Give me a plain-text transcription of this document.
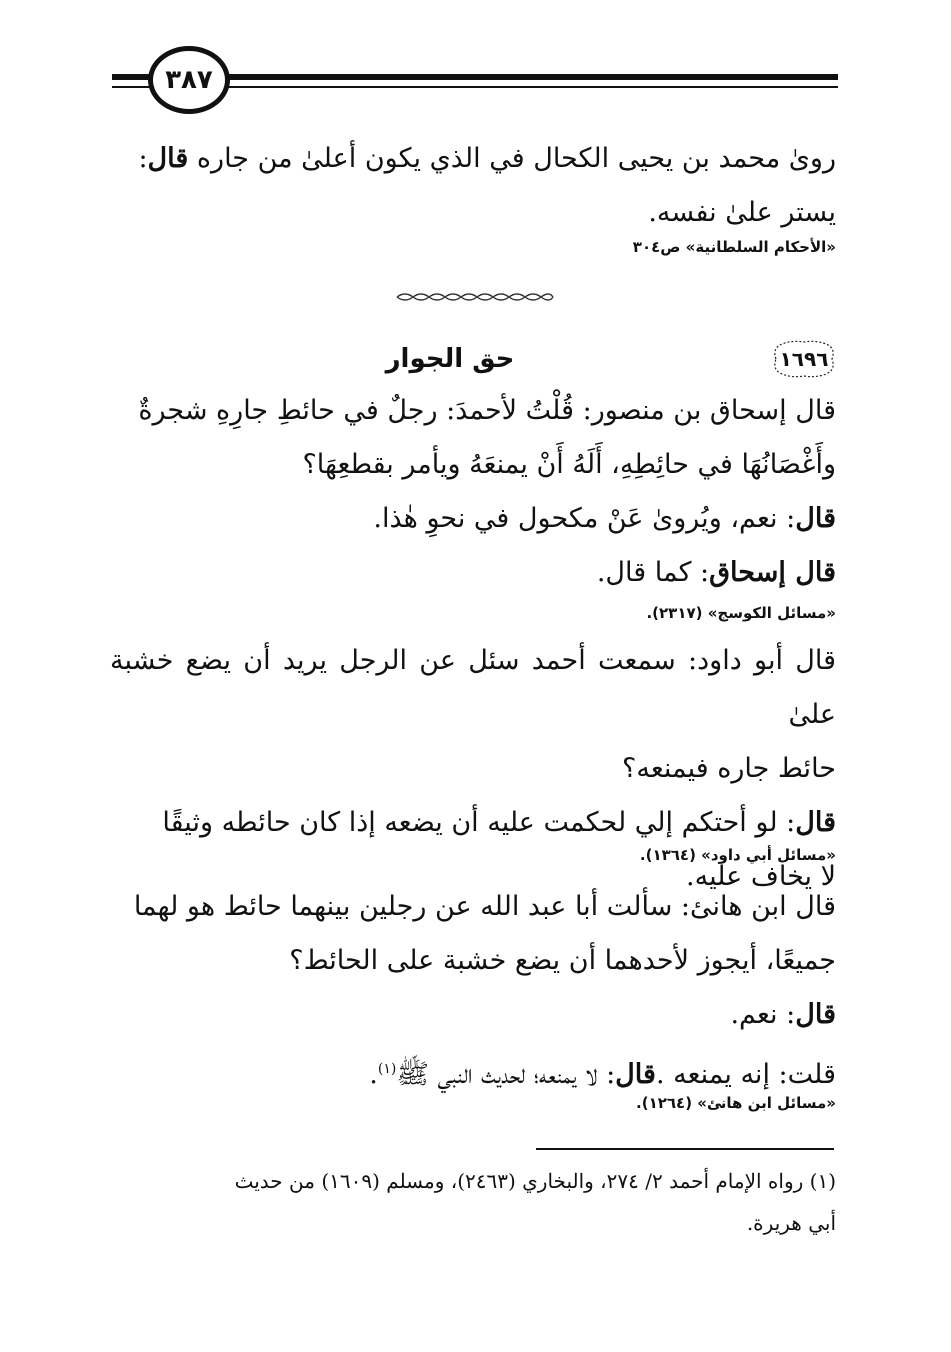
٣٨٧
روىٰ محمد بن يحيى الكحال في الذي يكون أعلىٰ من جاره قال:
يستر علىٰ نفسه.
«الأحكام السلطانية» ص٣٠٤
حق الجوار	١٦٩٦
قال إسحاق بن منصور: قُلْتُ لأحمدَ: رجلٌ في حائطِ جارِهِ شجرةٌ
وأَغْصَانُهَا في حائِطِهِ، أَلَهُ أَنْ يمنعَهُ ويأمر بقطعِهَا؟
قال: نعم، ويُروىٰ عَنْ مكحول في نحوِ هٰذا.
قال إسحاق: كما قال.
«مسائل الكوسج» (٢٣١٧).
قال أبو داود: سمعت أحمد سئل عن الرجل يريد أن يضع خشبة علىٰ
حائط جاره فيمنعه؟
قال: لو أحتكم إلي لحكمت عليه أن يضعه إذا كان حائطه وثيقًا
لا يخاف عليه.
«مسائل أبي داود» (١٣٦٤).
قال ابن هانئ: سألت أبا عبد الله عن رجلين بينهما حائط هو لهما
جميعًا، أيجوز لأحدهما أن يضع خشبة على الحائط؟
قال: نعم.
قلت: إنه يمنعه .قال: لا يمنعه؛ لحديث النبي ﷺ$^{(١)}$.
«مسائل ابن هانئ» (١٢٦٤).
(١) رواه الإمام أحمد ٢/ ٢٧٤، والبخاري (٢٤٦٣)، ومسلم (١٦٠٩) من حديث
أبي هريرة.
